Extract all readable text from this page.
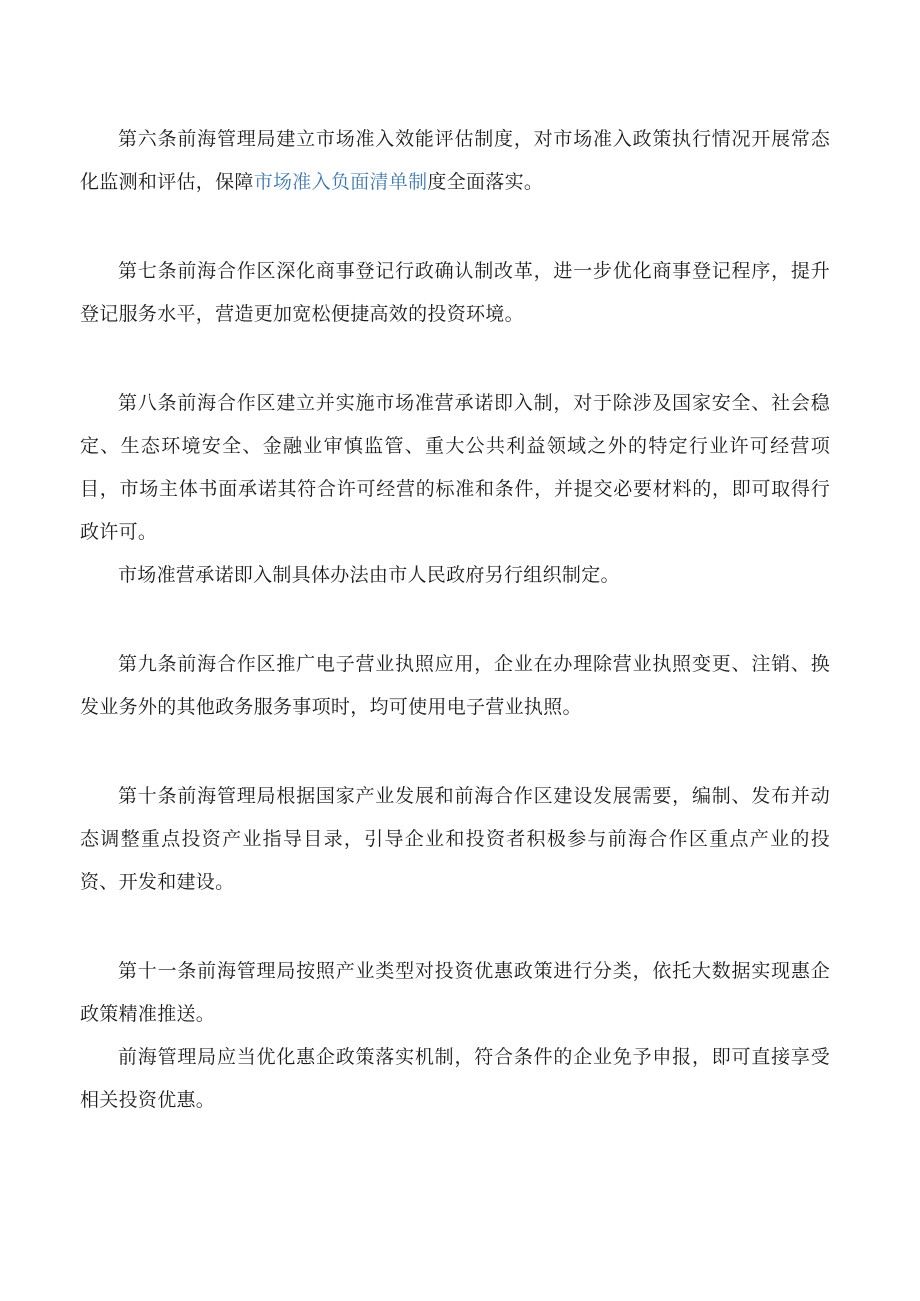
第六条前海管理局建立市场准入效能评估制度，对市场准入政策执行情况开展常态化监测和评估，保障市场准入负面清单制度全面落实。

第七条前海合作区深化商事登记行政确认制改革，进一步优化商事登记程序，提升登记服务水平，营造更加宽松便捷高效的投资环境。

第八条前海合作区建立并实施市场准营承诺即入制，对于除涉及国家安全、社会稳定、生态环境安全、金融业审慎监管、重大公共利益领域之外的特定行业许可经营项目，市场主体书面承诺其符合许可经营的标准和条件，并提交必要材料的，即可取得行政许可。

市场准营承诺即入制具体办法由市人民政府另行组织制定。

第九条前海合作区推广电子营业执照应用，企业在办理除营业执照变更、注销、换发业务外的其他政务服务事项时，均可使用电子营业执照。

第十条前海管理局根据国家产业发展和前海合作区建设发展需要，编制、发布并动态调整重点投资产业指导目录，引导企业和投资者积极参与前海合作区重点产业的投资、开发和建设。

第十一条前海管理局按照产业类型对投资优惠政策进行分类，依托大数据实现惠企政策精准推送。

前海管理局应当优化惠企政策落实机制，符合条件的企业免予申报，即可直接享受相关投资优惠。
